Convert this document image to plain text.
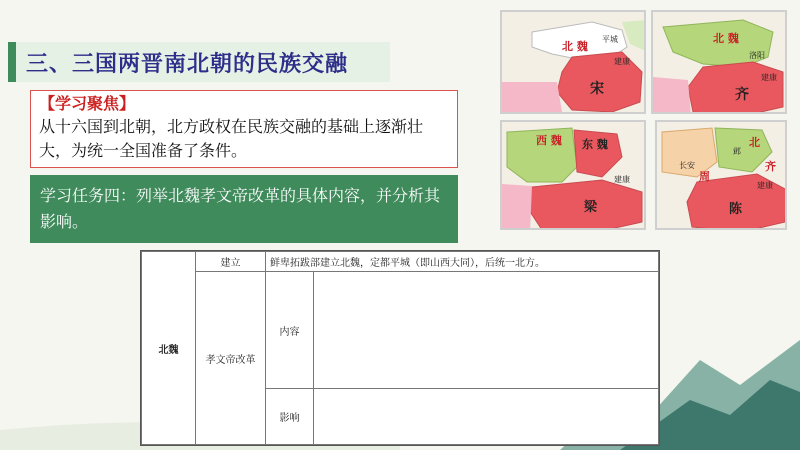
三、三国两晋南北朝的民族交融
【学习聚焦】
从十六国到北朝，北方政权在民族交融的基础上逐渐壮大，为统一全国准备了条件。
学习任务四：列举北魏孝文帝改革的具体内容，并分析其影响。
北 魏
平城
建康
宋
北 魏
洛阳
建康
齐
西 魏 东 魏
建康
梁
北
齐
邺
长安
周
建康
陈
北魏	建立	鲜卑拓跋部建立北魏，定都平城（即山西大同），后统一北方。	
	孝文帝改革	内容	
		影响	
